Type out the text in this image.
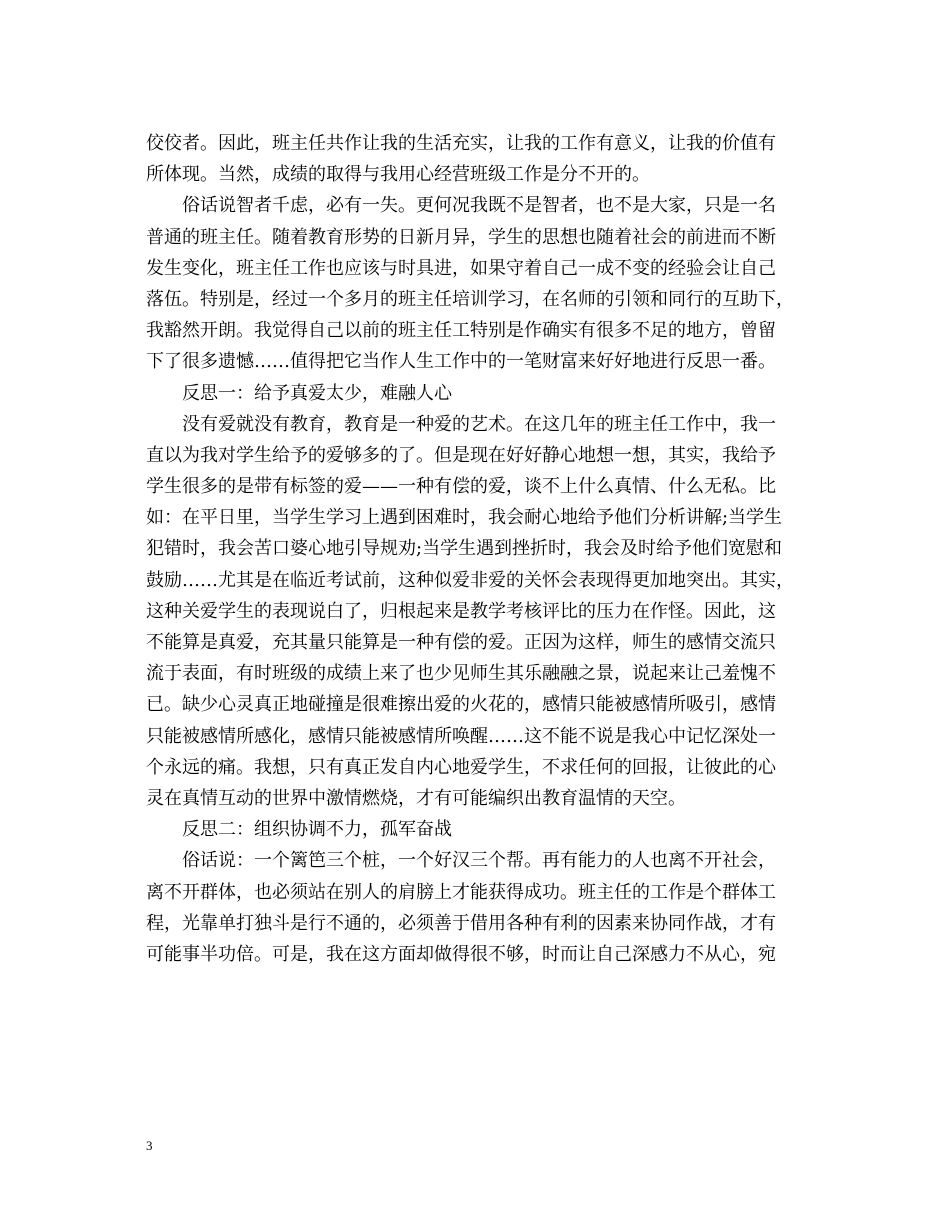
佼佼者。因此，班主任共作让我的生活充实，让我的工作有意义，让我的价值有
所体现。当然，成绩的取得与我用心经营班级工作是分不开的。
俗话说智者千虑，必有一失。更何况我既不是智者，也不是大家，只是一名
普通的班主任。随着教育形势的日新月异，学生的思想也随着社会的前进而不断
发生变化，班主任工作也应该与时具进，如果守着自己一成不变的经验会让自己
落伍。特别是，经过一个多月的班主任培训学习，在名师的引领和同行的互助下，
我豁然开朗。我觉得自己以前的班主任工特别是作确实有很多不足的地方，曾留
下了很多遗憾……值得把它当作人生工作中的一笔财富来好好地进行反思一番。
反思一：给予真爱太少，难融人心
没有爱就没有教育，教育是一种爱的艺术。在这几年的班主任工作中，我一
直以为我对学生给予的爱够多的了。但是现在好好静心地想一想，其实，我给予
学生很多的是带有标签的爱——一种有偿的爱，谈不上什么真情、什么无私。比
如：在平日里，当学生学习上遇到困难时，我会耐心地给予他们分析讲解;当学生
犯错时，我会苦口婆心地引导规劝;当学生遇到挫折时，我会及时给予他们宽慰和
鼓励……尤其是在临近考试前，这种似爱非爱的关怀会表现得更加地突出。其实，
这种关爱学生的表现说白了，归根起来是教学考核评比的压力在作怪。因此，这
不能算是真爱，充其量只能算是一种有偿的爱。正因为这样，师生的感情交流只
流于表面，有时班级的成绩上来了也少见师生其乐融融之景，说起来让己羞愧不
已。缺少心灵真正地碰撞是很难擦出爱的火花的，感情只能被感情所吸引，感情
只能被感情所感化，感情只能被感情所唤醒……这不能不说是我心中记忆深处一
个永远的痛。我想，只有真正发自内心地爱学生，不求任何的回报，让彼此的心
灵在真情互动的世界中激情燃烧，才有可能编织出教育温情的天空。
反思二：组织协调不力，孤军奋战
俗话说：一个篱笆三个桩，一个好汉三个帮。再有能力的人也离不开社会，
离不开群体，也必须站在别人的肩膀上才能获得成功。班主任的工作是个群体工
程，光靠单打独斗是行不通的，必须善于借用各种有利的因素来协同作战，才有
可能事半功倍。可是，我在这方面却做得很不够，时而让自己深感力不从心，宛
3
